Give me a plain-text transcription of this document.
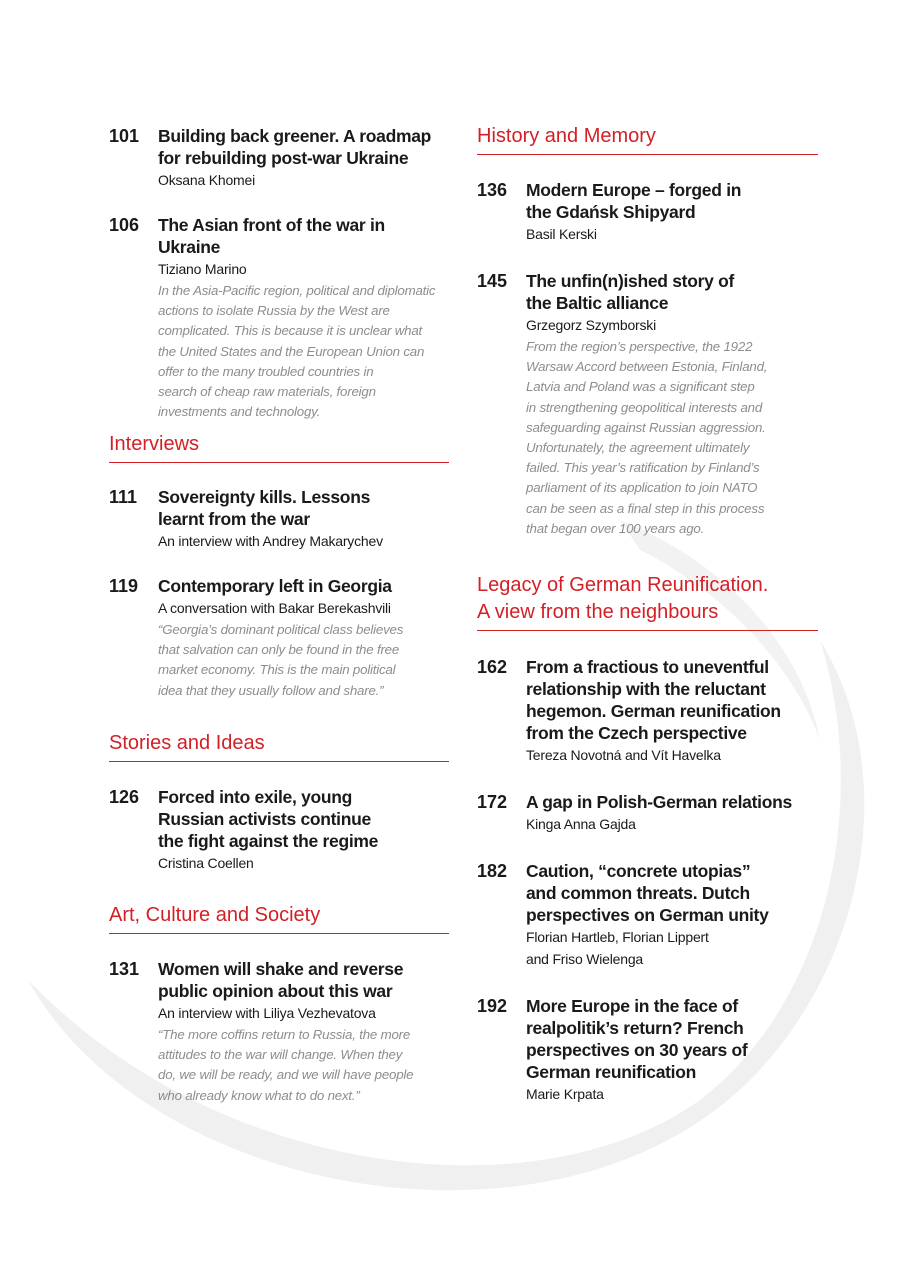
101 Building back greener. A roadmap
for rebuilding post-war Ukraine
Oksana Khomei
106 The Asian front of the war in Ukraine
Tiziano Marino
In the Asia-Pacific region, political and diplomatic
actions to isolate Russia by the West are
complicated. This is because it is unclear what
the United States and the European Union can
offer to the many troubled countries in
search of cheap raw materials, foreign
investments and technology.
Interviews
111 Sovereignty kills. Lessons
learnt from the war
An interview with Andrey Makarychev
119 Contemporary left in Georgia
A conversation with Bakar Berekashvili
“Georgia’s dominant political class believes
that salvation can only be found in the free
market economy. This is the main political
idea that they usually follow and share.”
Stories and Ideas
126 Forced into exile, young
Russian activists continue
the fight against the regime
Cristina Coellen
Art, Culture and Society
131 Women will shake and reverse
public opinion about this war
An interview with Liliya Vezhevatova
“The more coffins return to Russia, the more
attitudes to the war will change. When they
do, we will be ready, and we will have people
who already know what to do next.”
History and Memory
136 Modern Europe – forged in
the Gdańsk Shipyard
Basil Kerski
145 The unfin(n)ished story of
the Baltic alliance
Grzegorz Szymborski
From the region’s perspective, the 1922
Warsaw Accord between Estonia, Finland,
Latvia and Poland was a significant step
in strengthening geopolitical interests and
safeguarding against Russian aggression.
Unfortunately, the agreement ultimately
failed. This year’s ratification by Finland’s
parliament of its application to join NATO
can be seen as a final step in this process
that began over 100 years ago.
Legacy of German Reunification.
A view from the neighbours
162 From a fractious to uneventful
relationship with the reluctant
hegemon. German reunification
from the Czech perspective
Tereza Novotná and Vít Havelka
172 A gap in Polish-German relations
Kinga Anna Gajda
182 Caution, “concrete utopias”
and common threats. Dutch
perspectives on German unity
Florian Hartleb, Florian Lippert
and Friso Wielenga
192 More Europe in the face of
realpolitik’s return? French
perspectives on 30 years of
German reunification
Marie Krpata
